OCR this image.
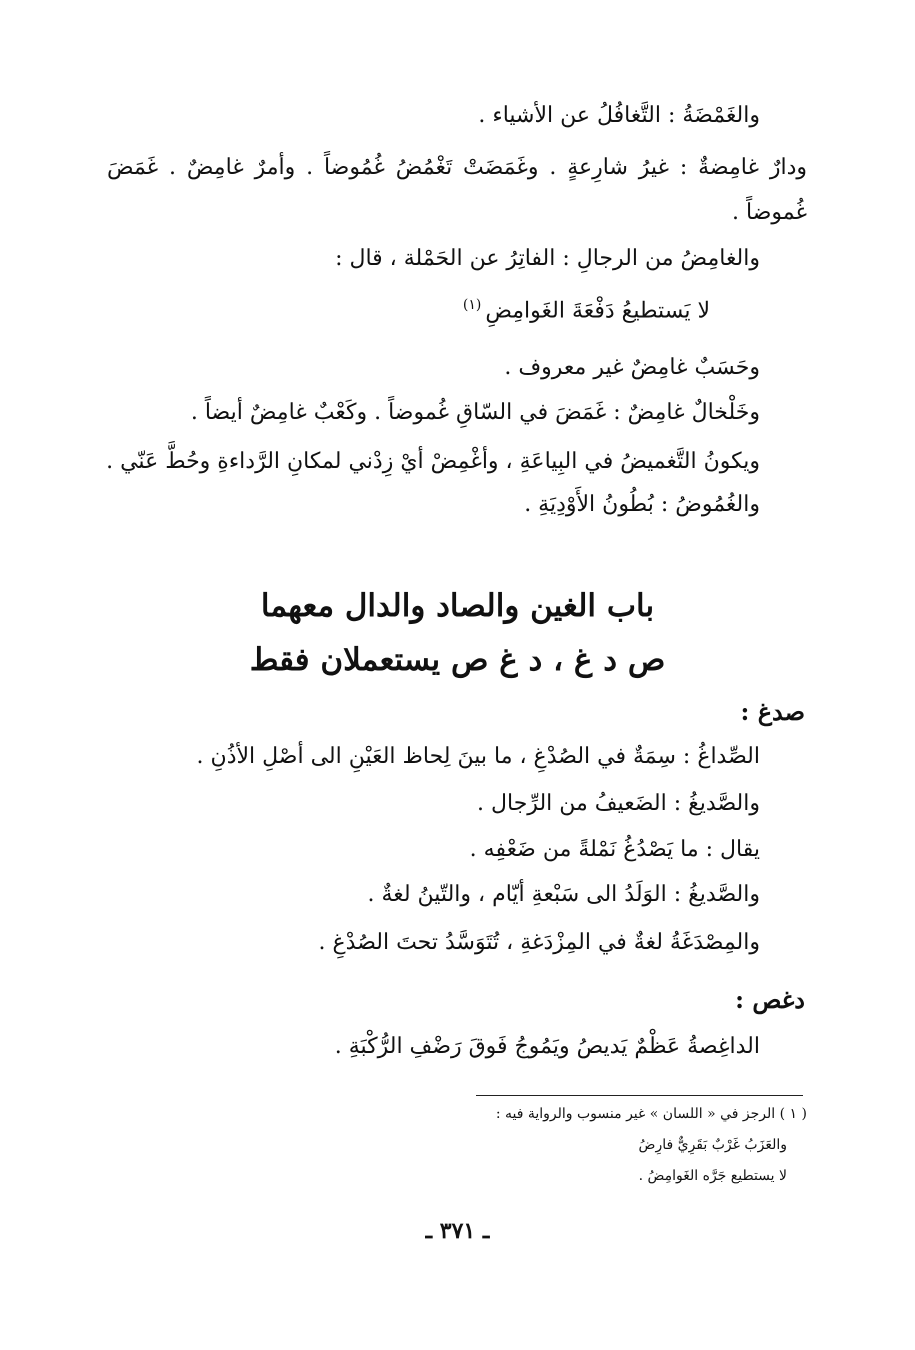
والغَمْضَةُ : التَّغافُلُ عن الأشياء .
ودارٌ غامِضةٌ : غيرُ شارِعةٍ . وغَمَضَتْ تَغْمُضُ غُمُوضاً . وأمرٌ غامِضٌ . غَمَضَ
غُموضاً .
والغامِضُ من الرجالِ : الفاتِرُ عن الحَمْلة ، قال :
لا يَستطيعُ دَفْعَةَ الغَوامِضِ$^{(١)}$
وحَسَبٌ غامِضٌ غير معروف .
وخَلْخالٌ غامِضٌ : غَمَضَ في السّاقِ غُموضاً . وكَعْبٌ غامِضٌ أيضاً .
ويكونُ التَّغميضُ في البِياعَةِ ، وأغْمِضْ أيْ زِدْني لمكانِ الرَّداءةِ وحُطَّ عَنّي .
والغُمُوضُ : بُطُونُ الأَوْدِيَةِ .
باب الغين والصاد والدال معهما
ص د غ ، د غ ص يستعملان فقط
صدغ :
الصِّداغُ : سِمَةٌ في الصُدْغِ ، ما بينَ لِحاظ العَيْنِ الى أصْلِ الأذُنِ .
والصَّديغُ : الضَعيفُ من الرِّجال .
يقال : ما يَصْدُغُ نَمْلةً من ضَعْفِه .
والصَّديغُ : الوَلَدُ الى سَبْعةِ أيّام ، والتّينُ لغةٌ .
والمِصْدَغَةُ لغةٌ في المِزْدَغةِ ، تُتَوَسَّدُ تحتَ الصُدْغِ .
دغص :
الداغِصةُ عَظْمٌ يَديصُ ويَمُوجُ فَوقَ رَضْفِ الرُّكْبَةِ .
( ١ ) الرجز في « اللسان » غير منسوب والرواية فيه :
والعَزَبُ غَرْبٌ بَقَرِيٌّ فارِضُ
لا يستطيع جَرَّه الغَوامِضُ .
ـ ٣٧١ ـ
